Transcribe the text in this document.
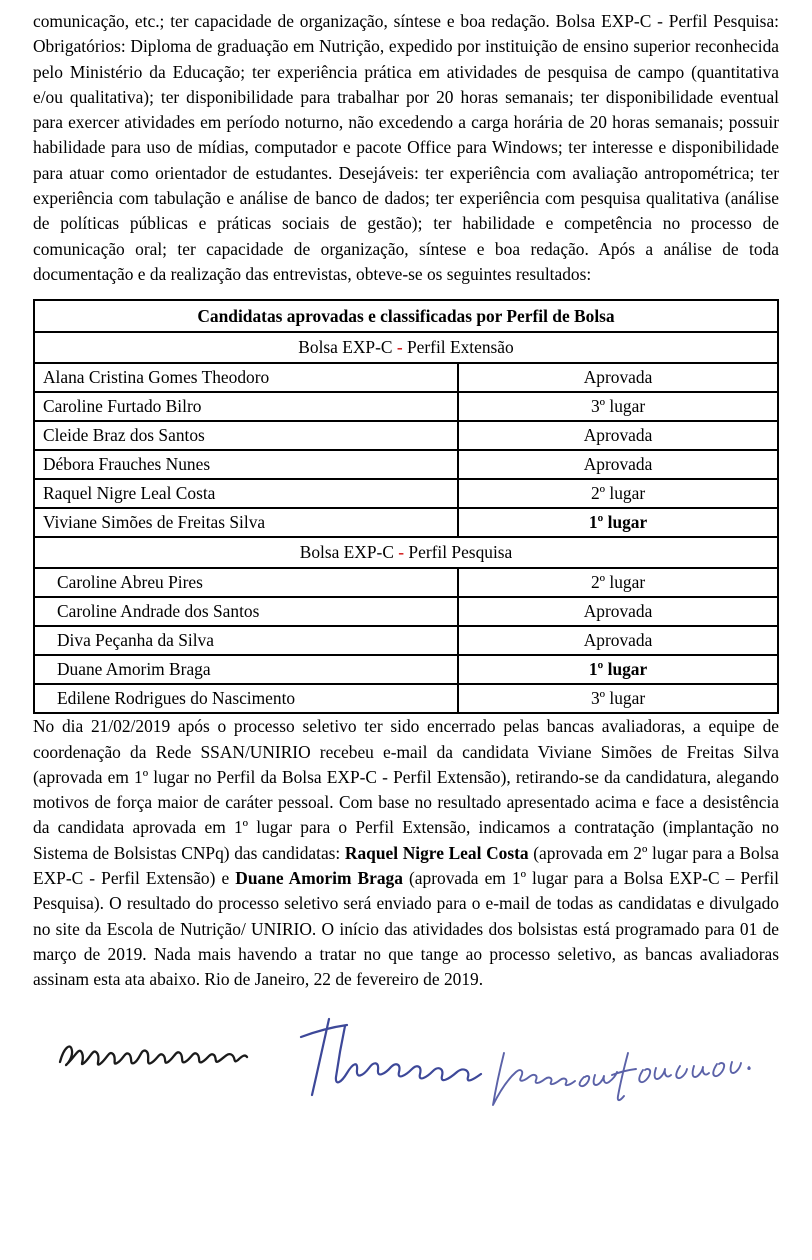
comunicação, etc.; ter capacidade de organização, síntese e boa redação. Bolsa EXP-C - Perfil Pesquisa: Obrigatórios: Diploma de graduação em Nutrição, expedido por instituição de ensino superior reconhecida pelo Ministério da Educação; ter experiência prática em atividades de pesquisa de campo (quantitativa e/ou qualitativa); ter disponibilidade para trabalhar por 20 horas semanais; ter disponibilidade eventual para exercer atividades em período noturno, não excedendo a carga horária de 20 horas semanais; possuir habilidade para uso de mídias, computador e pacote Office para Windows; ter interesse e disponibilidade para atuar como orientador de estudantes. Desejáveis: ter experiência com avaliação antropométrica; ter experiência com tabulação e análise de banco de dados; ter experiência com pesquisa qualitativa (análise de políticas públicas e práticas sociais de gestão); ter habilidade e competência no processo de comunicação oral; ter capacidade de organização, síntese e boa redação. Após a análise de toda documentação e da realização das entrevistas, obteve-se os seguintes resultados:

Candidatas aprovadas e classificadas por Perfil de Bolsa	
Bolsa EXP-C - Perfil Extensão	
Alana Cristina Gomes Theodoro	Aprovada
Caroline Furtado Bilro	3º lugar
Cleide Braz dos Santos	Aprovada
Débora Frauches Nunes	Aprovada
Raquel Nigre Leal Costa	2º lugar
Viviane Simões de Freitas Silva	1º lugar
Bolsa EXP-C - Perfil Pesquisa	
Caroline Abreu Pires	2º lugar
Caroline Andrade dos Santos	Aprovada
Diva Peçanha da Silva	Aprovada
Duane Amorim Braga	1º lugar
Edilene Rodrigues do Nascimento	3º lugar

No dia 21/02/2019 após o processo seletivo ter sido encerrado pelas bancas avaliadoras, a equipe de coordenação da Rede SSAN/UNIRIO recebeu e-mail da candidata Viviane Simões de Freitas Silva (aprovada em 1º lugar no Perfil da Bolsa EXP-C - Perfil Extensão), retirando-se da candidatura, alegando motivos de força maior de caráter pessoal. Com base no resultado apresentado acima e face a desistência da candidata aprovada em 1º lugar para o Perfil Extensão, indicamos a contratação (implantação no Sistema de Bolsistas CNPq) das candidatas: Raquel Nigre Leal Costa (aprovada em 2º lugar para a Bolsa EXP-C - Perfil Extensão) e Duane Amorim Braga (aprovada em 1º lugar para a Bolsa EXP-C – Perfil Pesquisa). O resultado do processo seletivo será enviado para o e-mail de todas as candidatas e divulgado no site da Escola de Nutrição/ UNIRIO. O início das atividades dos bolsistas está programado para 01 de março de 2019. Nada mais havendo a tratar no que tange ao processo seletivo, as bancas avaliadoras assinam esta ata abaixo. Rio de Janeiro, 22 de fevereiro de 2019.
